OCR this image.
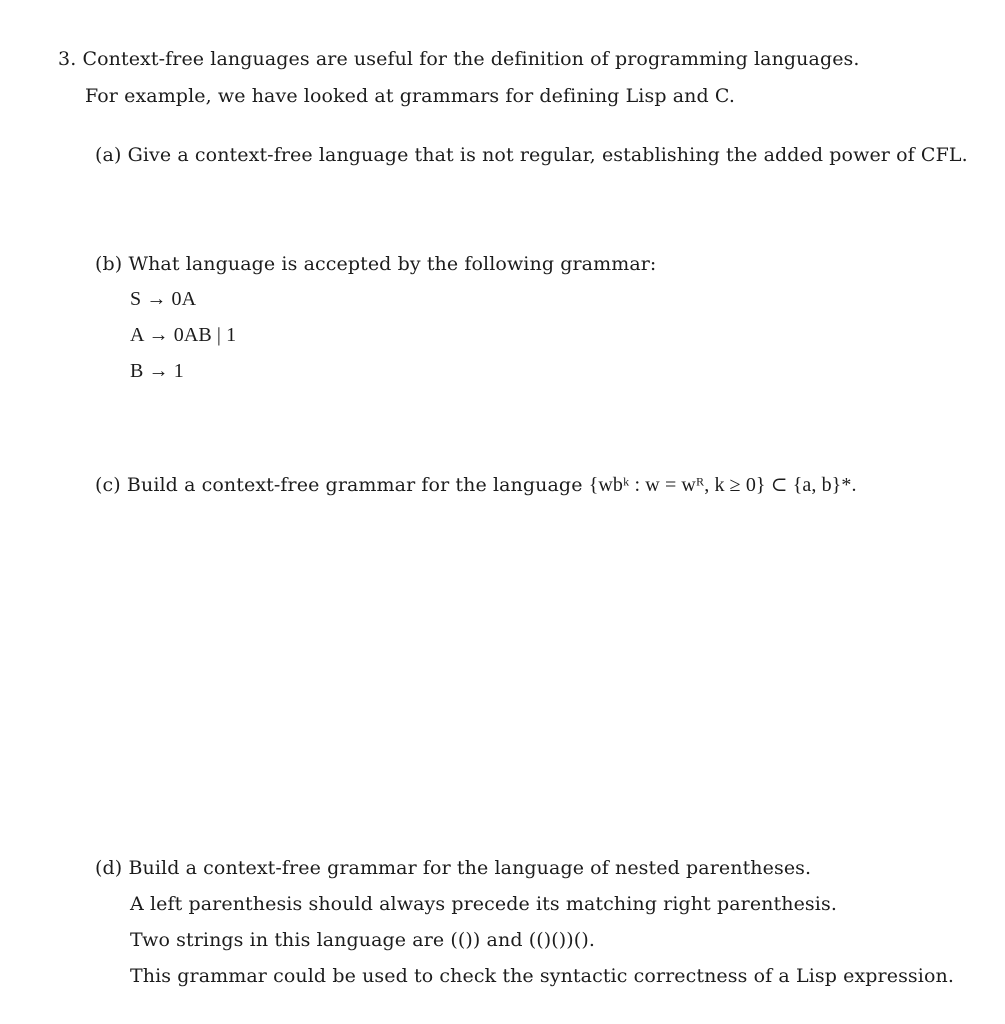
3. Context-free languages are useful for the definition of programming languages.
For example, we have looked at grammars for defining Lisp and C.
(a) Give a context-free language that is not regular, establishing the added power of CFL.
(b) What language is accepted by the following grammar:
S → 0A
A → 0AB | 1
B → 1
(c) Build a context-free grammar for the language {wbᵏ : w = wᴿ, k ≥ 0} ⊂ {a, b}*.
(d) Build a context-free grammar for the language of nested parentheses.
A left parenthesis should always precede its matching right parenthesis.
Two strings in this language are (()) and (()())().
This grammar could be used to check the syntactic correctness of a Lisp expression.
